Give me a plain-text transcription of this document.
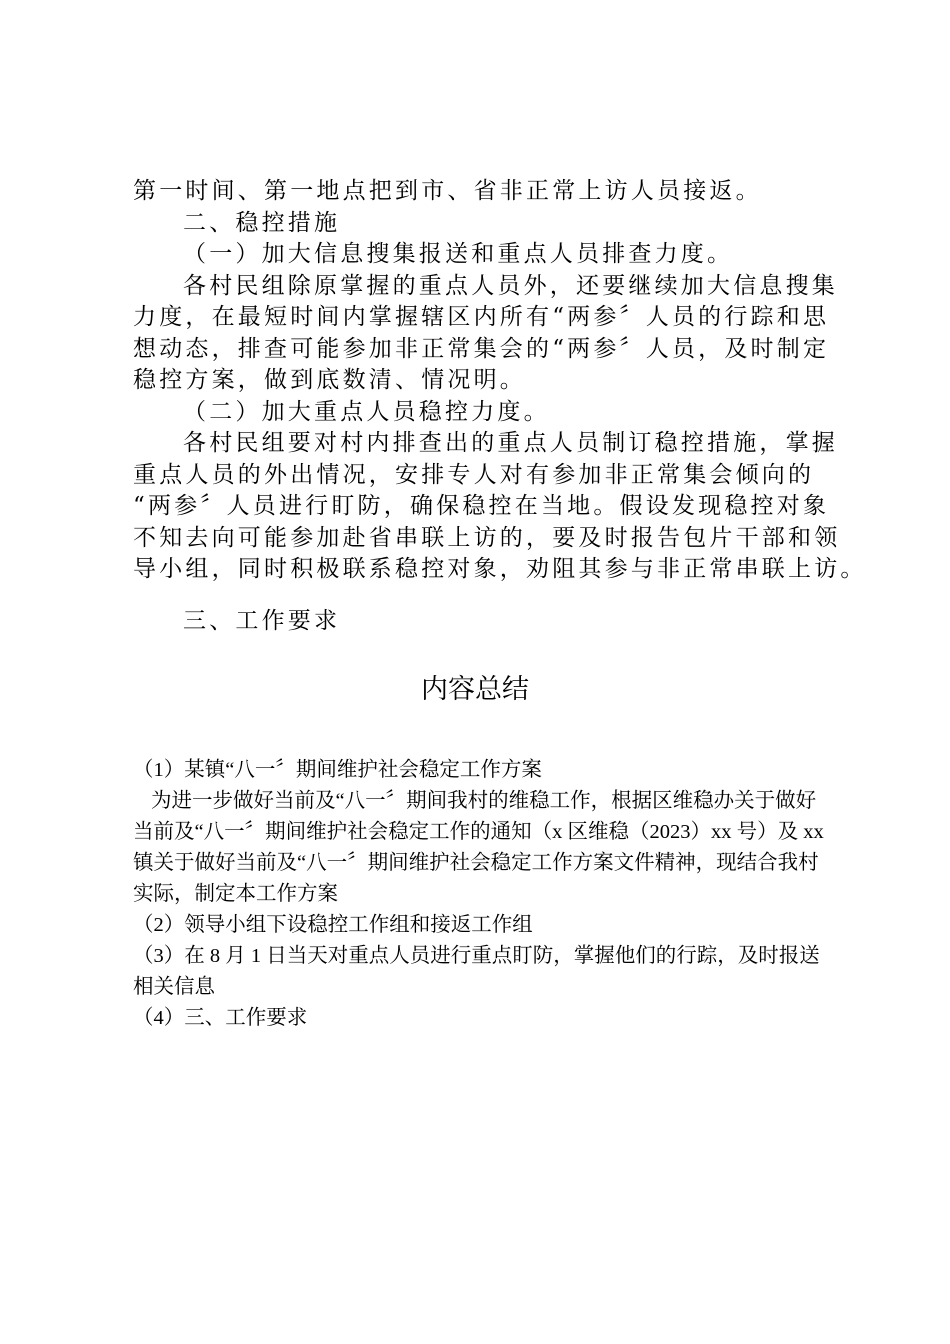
第一时间、第一地点把到市、省非正常上访人员接返。

二、稳控措施

（一）加大信息搜集报送和重点人员排查力度。

各村民组除原掌握的重点人员外，还要继续加大信息搜集

力度，在最短时间内掌握辖区内所有“两参〞人员的行踪和思

想动态，排查可能参加非正常集会的“两参〞人员，及时制定

稳控方案，做到底数清、情况明。

（二）加大重点人员稳控力度。

各村民组要对村内排查出的重点人员制订稳控措施，掌握

重点人员的外出情况，安排专人对有参加非正常集会倾向的

“两参〞人员进行盯防，确保稳控在当地。假设发现稳控对象

不知去向可能参加赴省串联上访的，要及时报告包片干部和领

导小组，同时积极联系稳控对象，劝阻其参与非正常串联上访。

三、工作要求
内容总结

（1）某镇“八一〞期间维护社会稳定工作方案

为进一步做好当前及“八一〞期间我村的维稳工作，根据区维稳办关于做好

当前及“八一〞期间维护社会稳定工作的通知（x 区维稳（2023）xx 号）及 xx

镇关于做好当前及“八一〞期间维护社会稳定工作方案文件精神，现结合我村

实际，制定本工作方案

（2）领导小组下设稳控工作组和接返工作组

（3）在 8 月 1 日当天对重点人员进行重点盯防，掌握他们的行踪，及时报送

相关信息

（4）三、工作要求
